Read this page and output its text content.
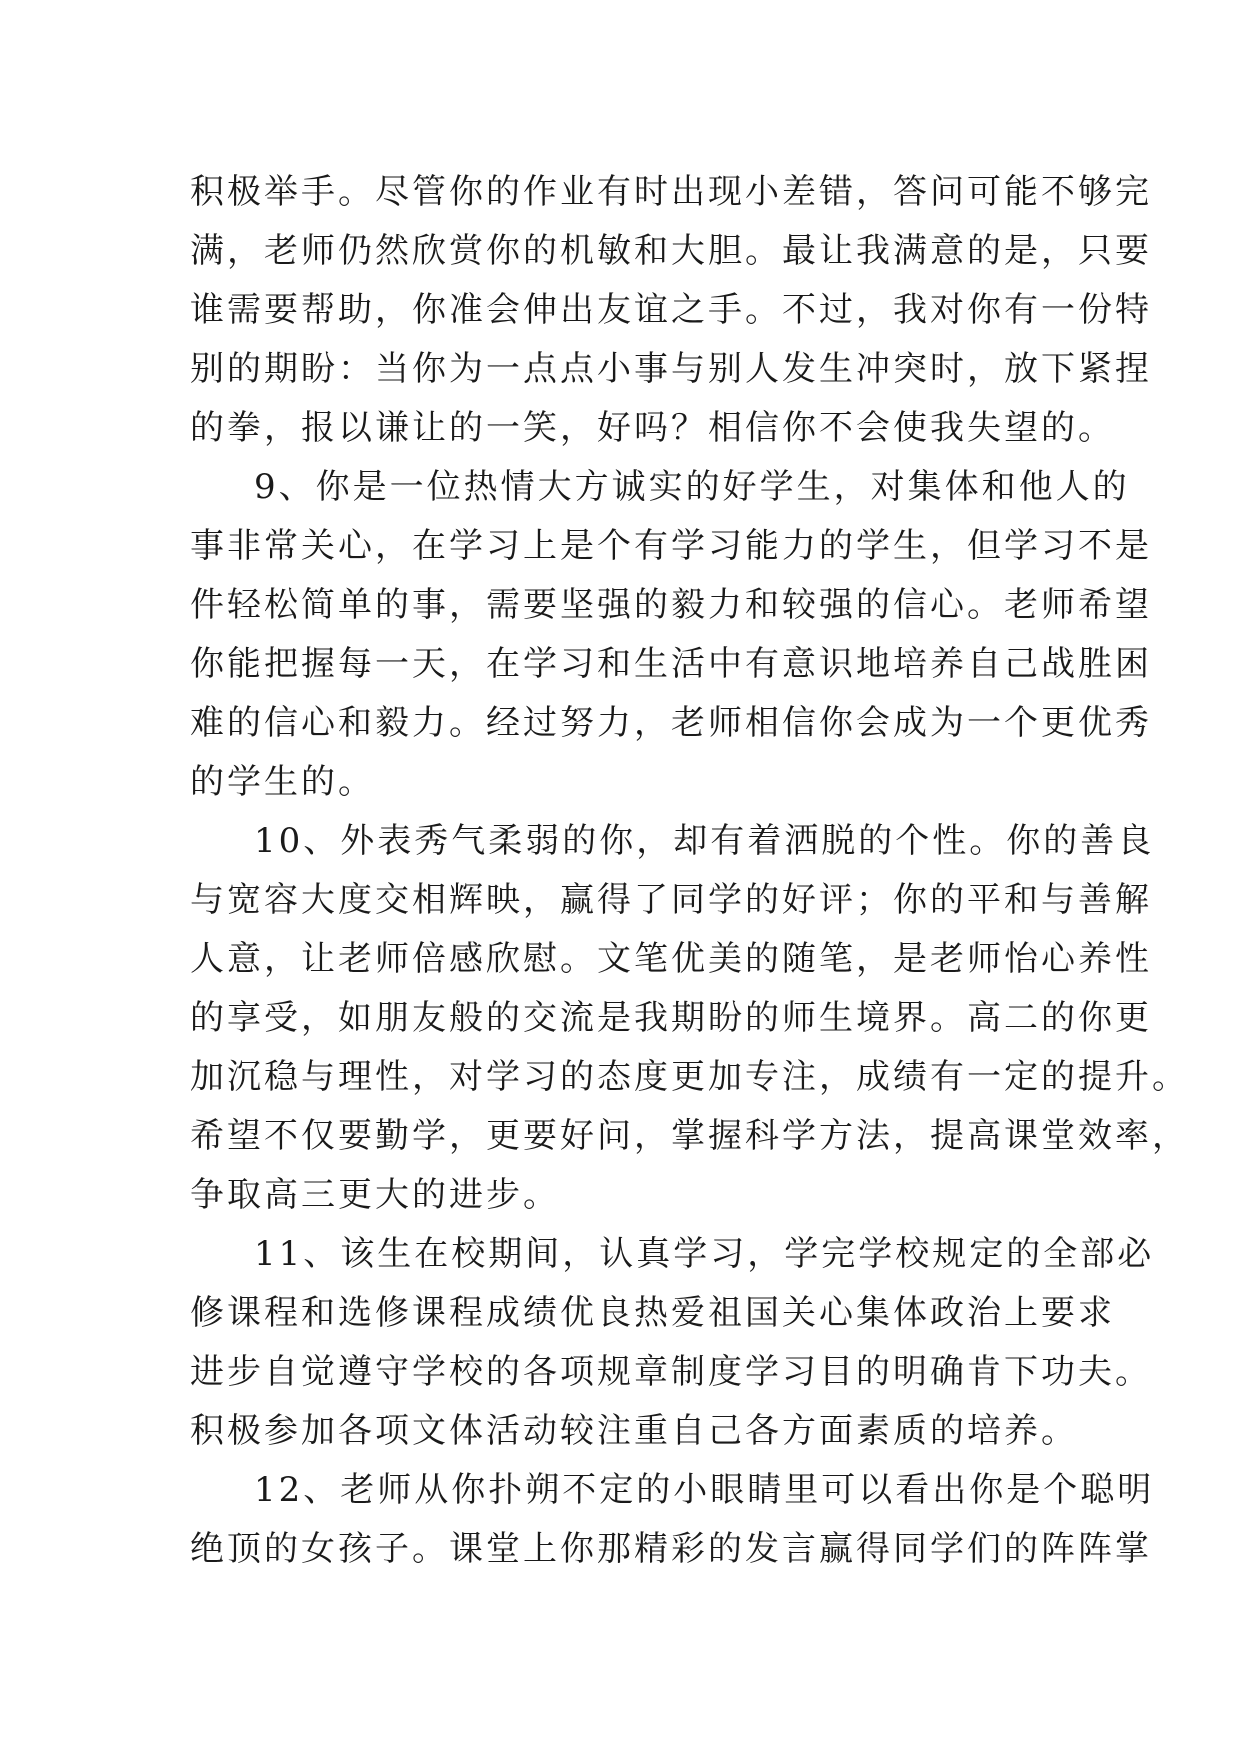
积极举手。尽管你的作业有时出现小差错，答问可能不够完
满，老师仍然欣赏你的机敏和大胆。最让我满意的是，只要
谁需要帮助，你准会伸出友谊之手。不过，我对你有一份特
别的期盼：当你为一点点小事与别人发生冲突时，放下紧捏
的拳，报以谦让的一笑，好吗？相信你不会使我失望的。
9、你是一位热情大方诚实的好学生，对集体和他人的
事非常关心，在学习上是个有学习能力的学生，但学习不是
件轻松简单的事，需要坚强的毅力和较强的信心。老师希望
你能把握每一天，在学习和生活中有意识地培养自己战胜困
难的信心和毅力。经过努力，老师相信你会成为一个更优秀
的学生的。
10、外表秀气柔弱的你，却有着洒脱的个性。你的善良
与宽容大度交相辉映，赢得了同学的好评；你的平和与善解
人意，让老师倍感欣慰。文笔优美的随笔，是老师怡心养性
的享受，如朋友般的交流是我期盼的师生境界。高二的你更
加沉稳与理性，对学习的态度更加专注，成绩有一定的提升。
希望不仅要勤学，更要好问，掌握科学方法，提高课堂效率，
争取高三更大的进步。
11、该生在校期间，认真学习，学完学校规定的全部必
修课程和选修课程成绩优良热爱祖国关心集体政治上要求
进步自觉遵守学校的各项规章制度学习目的明确肯下功夫。
积极参加各项文体活动较注重自己各方面素质的培养。
12、老师从你扑朔不定的小眼睛里可以看出你是个聪明
绝顶的女孩子。课堂上你那精彩的发言赢得同学们的阵阵掌
